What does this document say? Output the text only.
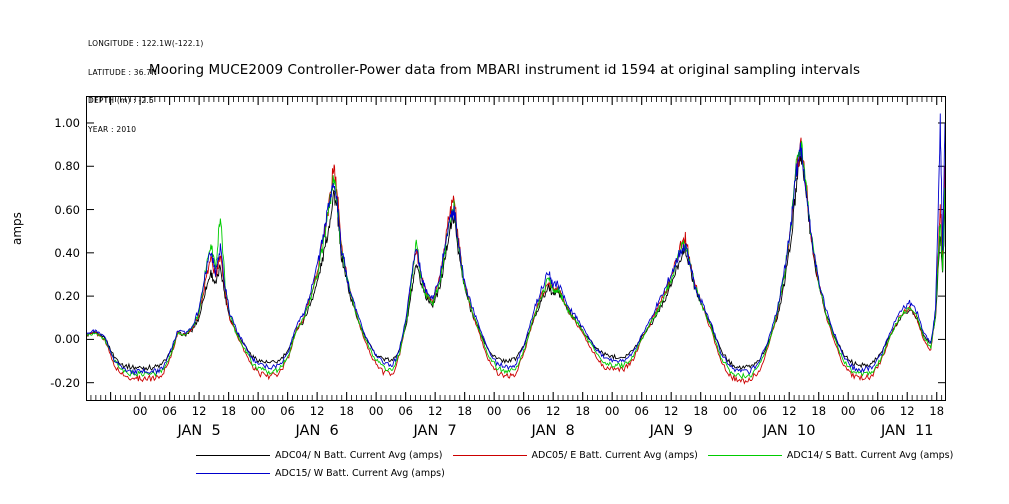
LONGITUDE : 122.1W(-122.1)

LATITUDE : 36.7N

DEPTH (m) : -2.5

YEAR : 2010

Mooring MUCE2009 Controller-Power data from MBARI instrument id 1594 at original sampling intervals
amps
-0.20
0.00
0.20
0.40
0.60
0.80
1.00
00 06 12 18 00 06 12 18 00 06 12 18 00 06 12 18 00 06 12 18 00 06 12 18 00 06 12 18
JAN  5	JAN  6	JAN  7	JAN  8	JAN  9	JAN  10	JAN  11
ADC04/ N Batt. Current Avg (amps)	ADC05/ E Batt. Current Avg (amps)	ADC14/ S Batt. Current Avg (amps)
ADC15/ W Batt. Current Avg (amps)
